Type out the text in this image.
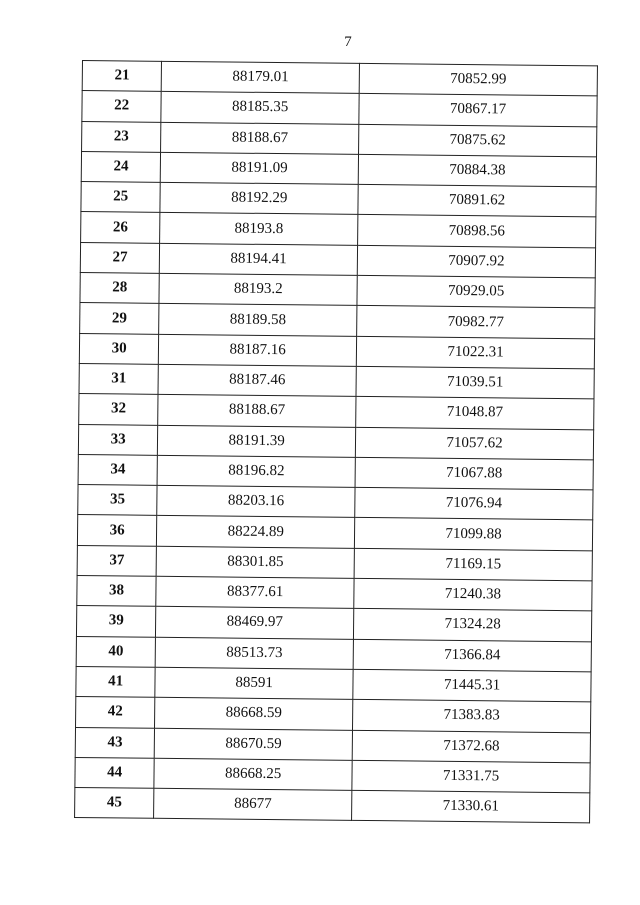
7
21	88179.01	70852.99
22	88185.35	70867.17
23	88188.67	70875.62
24	88191.09	70884.38
25	88192.29	70891.62
26	88193.8	70898.56
27	88194.41	70907.92
28	88193.2	70929.05
29	88189.58	70982.77
30	88187.16	71022.31
31	88187.46	71039.51
32	88188.67	71048.87
33	88191.39	71057.62
34	88196.82	71067.88
35	88203.16	71076.94
36	88224.89	71099.88
37	88301.85	71169.15
38	88377.61	71240.38
39	88469.97	71324.28
40	88513.73	71366.84
41	88591	71445.31
42	88668.59	71383.83
43	88670.59	71372.68
44	88668.25	71331.75
45	88677	71330.61
